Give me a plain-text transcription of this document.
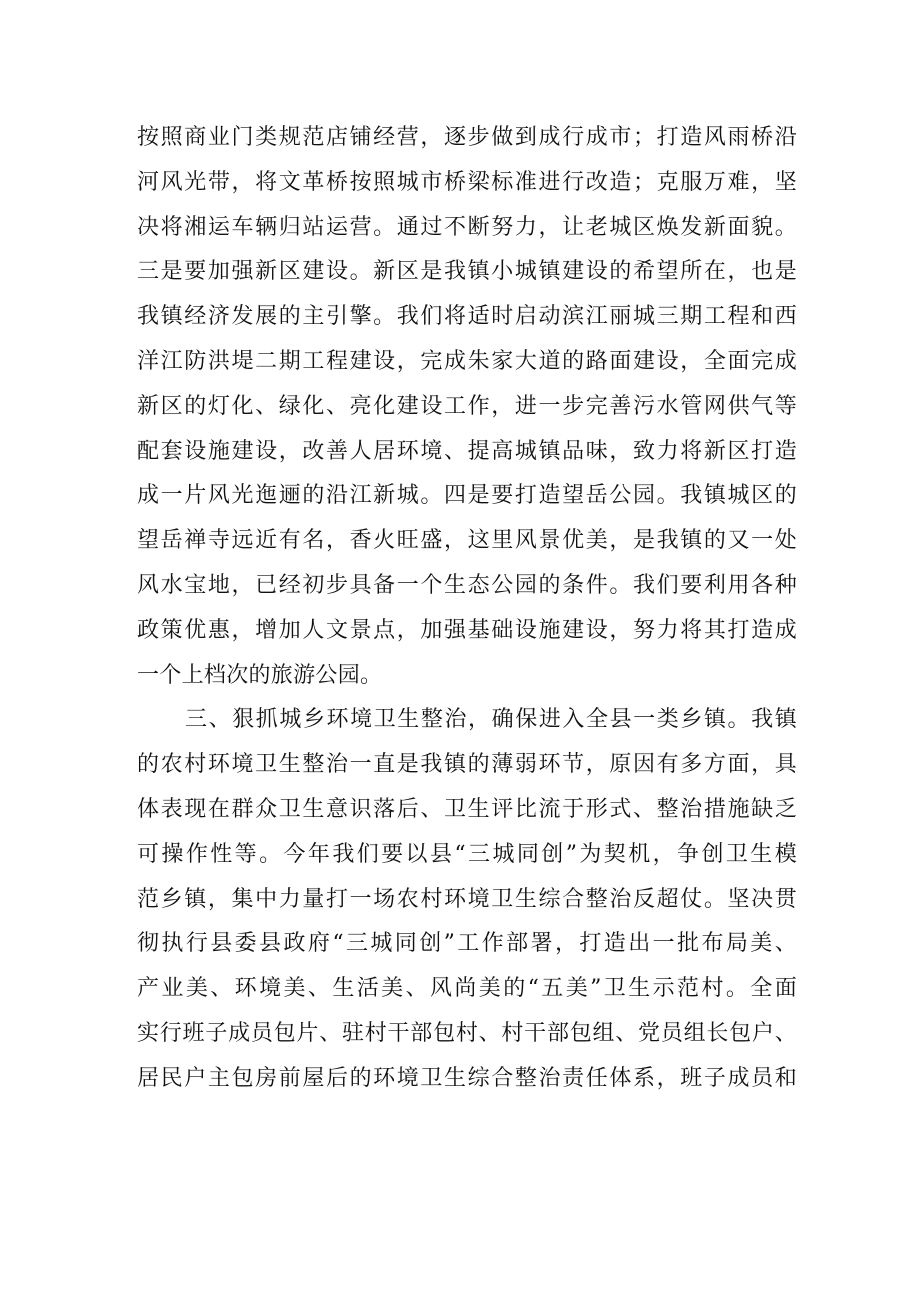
按照商业门类规范店铺经营，逐步做到成行成市；打造风雨桥沿
河风光带，将文革桥按照城市桥梁标准进行改造；克服万难，坚
决将湘运车辆归站运营。通过不断努力，让老城区焕发新面貌。
三是要加强新区建设。新区是我镇小城镇建设的希望所在，也是
我镇经济发展的主引擎。我们将适时启动滨江丽城三期工程和西
洋江防洪堤二期工程建设，完成朱家大道的路面建设，全面完成
新区的灯化、绿化、亮化建设工作，进一步完善污水管网供气等
配套设施建设，改善人居环境、提高城镇品味，致力将新区打造
成一片风光迤逦的沿江新城。四是要打造望岳公园。我镇城区的
望岳禅寺远近有名，香火旺盛，这里风景优美，是我镇的又一处
风水宝地，已经初步具备一个生态公园的条件。我们要利用各种
政策优惠，增加人文景点，加强基础设施建设，努力将其打造成
一个上档次的旅游公园。
三、狠抓城乡环境卫生整治，确保进入全县一类乡镇。我镇
的农村环境卫生整治一直是我镇的薄弱环节，原因有多方面，具
体表现在群众卫生意识落后、卫生评比流于形式、整治措施缺乏
可操作性等。今年我们要以县“三城同创”为契机，争创卫生模
范乡镇，集中力量打一场农村环境卫生综合整治反超仗。坚决贯
彻执行县委县政府“三城同创”工作部署，打造出一批布局美、
产业美、环境美、生活美、风尚美的“五美”卫生示范村。全面
实行班子成员包片、驻村干部包村、村干部包组、党员组长包户、
居民户主包房前屋后的环境卫生综合整治责任体系，班子成员和
